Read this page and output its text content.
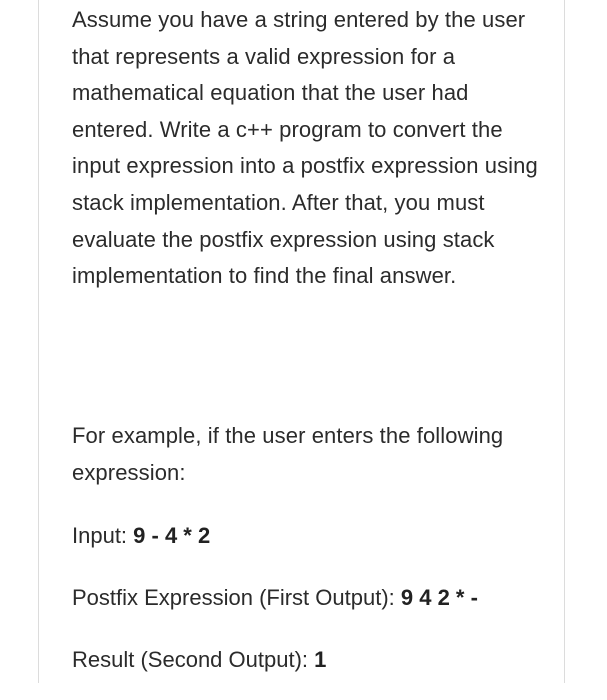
Assume you have a string entered by the user that represents a valid expression for a mathematical equation that the user had entered. Write a c++ program to convert the input expression into a postfix expression using stack implementation. After that, you must evaluate the postfix expression using stack implementation to find the final answer.

For example, if the user enters the following expression:

Input: 9 - 4 * 2

Postfix Expression (First Output): 9 4 2 * -

Result (Second Output): 1
